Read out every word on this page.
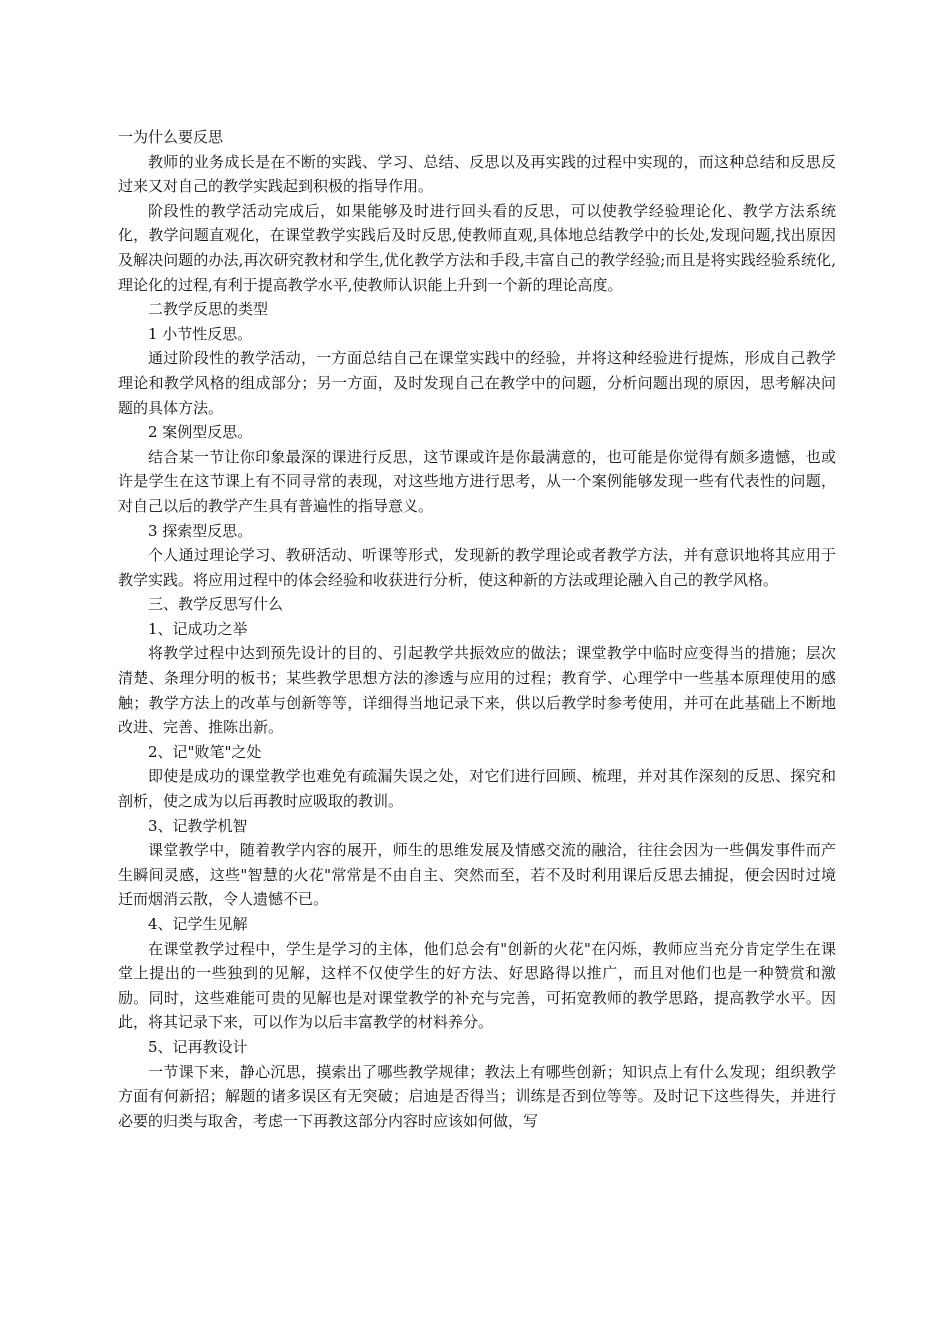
一为什么要反思

教师的业务成长是在不断的实践、学习、总结、反思以及再实践的过程中实现的，而这种总结和反思反过来又对自己的教学实践起到积极的指导作用。

阶段性的教学活动完成后，如果能够及时进行回头看的反思，可以使教学经验理论化、教学方法系统化，教学问题直观化，在课堂教学实践后及时反思,使教师直观,具体地总结教学中的长处,发现问题,找出原因及解决问题的办法,再次研究教材和学生,优化教学方法和手段,丰富自己的教学经验;而且是将实践经验系统化,理论化的过程,有利于提高教学水平,使教师认识能上升到一个新的理论高度。

二教学反思的类型

1 小节性反思。

通过阶段性的教学活动，一方面总结自己在课堂实践中的经验，并将这种经验进行提炼，形成自己教学理论和教学风格的组成部分；另一方面，及时发现自己在教学中的问题，分析问题出现的原因，思考解决问题的具体方法。

2 案例型反思。

结合某一节让你印象最深的课进行反思，这节课或许是你最满意的，也可能是你觉得有颇多遗憾，也或许是学生在这节课上有不同寻常的表现，对这些地方进行思考，从一个案例能够发现一些有代表性的问题，对自己以后的教学产生具有普遍性的指导意义。

3 探索型反思。

个人通过理论学习、教研活动、听课等形式，发现新的教学理论或者教学方法，并有意识地将其应用于教学实践。将应用过程中的体会经验和收获进行分析，使这种新的方法或理论融入自己的教学风格。

三、教学反思写什么

1、记成功之举

将教学过程中达到预先设计的目的、引起教学共振效应的做法；课堂教学中临时应变得当的措施；层次清楚、条理分明的板书；某些教学思想方法的渗透与应用的过程；教育学、心理学中一些基本原理使用的感触；教学方法上的改革与创新等等，详细得当地记录下来，供以后教学时参考使用，并可在此基础上不断地改进、完善、推陈出新。

2、记"败笔"之处

即使是成功的课堂教学也难免有疏漏失误之处，对它们进行回顾、梳理，并对其作深刻的反思、探究和剖析，使之成为以后再教时应吸取的教训。

3、记教学机智

课堂教学中，随着教学内容的展开，师生的思维发展及情感交流的融洽，往往会因为一些偶发事件而产生瞬间灵感，这些"智慧的火花"常常是不由自主、突然而至，若不及时利用课后反思去捕捉，便会因时过境迁而烟消云散，令人遗憾不已。

4、记学生见解

在课堂教学过程中，学生是学习的主体，他们总会有"创新的火花"在闪烁，教师应当充分肯定学生在课堂上提出的一些独到的见解，这样不仅使学生的好方法、好思路得以推广，而且对他们也是一种赞赏和激励。同时，这些难能可贵的见解也是对课堂教学的补充与完善，可拓宽教师的教学思路，提高教学水平。因此，将其记录下来，可以作为以后丰富教学的材料养分。

5、记再教设计

一节课下来，静心沉思，摸索出了哪些教学规律；教法上有哪些创新；知识点上有什么发现；组织教学方面有何新招；解题的诸多误区有无突破；启迪是否得当；训练是否到位等等。及时记下这些得失，并进行必要的归类与取舍，考虑一下再教这部分内容时应该如何做，写
